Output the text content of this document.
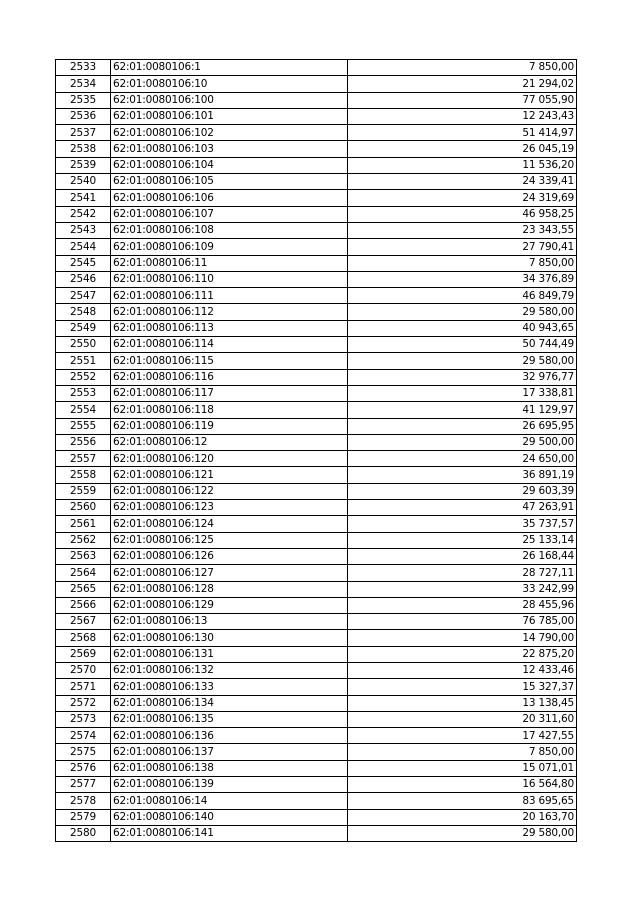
2533	62:01:0080106:1	7 850,00
2534	62:01:0080106:10	21 294,02
2535	62:01:0080106:100	77 055,90
2536	62:01:0080106:101	12 243,43
2537	62:01:0080106:102	51 414,97
2538	62:01:0080106:103	26 045,19
2539	62:01:0080106:104	11 536,20
2540	62:01:0080106:105	24 339,41
2541	62:01:0080106:106	24 319,69
2542	62:01:0080106:107	46 958,25
2543	62:01:0080106:108	23 343,55
2544	62:01:0080106:109	27 790,41
2545	62:01:0080106:11	7 850,00
2546	62:01:0080106:110	34 376,89
2547	62:01:0080106:111	46 849,79
2548	62:01:0080106:112	29 580,00
2549	62:01:0080106:113	40 943,65
2550	62:01:0080106:114	50 744,49
2551	62:01:0080106:115	29 580,00
2552	62:01:0080106:116	32 976,77
2553	62:01:0080106:117	17 338,81
2554	62:01:0080106:118	41 129,97
2555	62:01:0080106:119	26 695,95
2556	62:01:0080106:12	29 500,00
2557	62:01:0080106:120	24 650,00
2558	62:01:0080106:121	36 891,19
2559	62:01:0080106:122	29 603,39
2560	62:01:0080106:123	47 263,91
2561	62:01:0080106:124	35 737,57
2562	62:01:0080106:125	25 133,14
2563	62:01:0080106:126	26 168,44
2564	62:01:0080106:127	28 727,11
2565	62:01:0080106:128	33 242,99
2566	62:01:0080106:129	28 455,96
2567	62:01:0080106:13	76 785,00
2568	62:01:0080106:130	14 790,00
2569	62:01:0080106:131	22 875,20
2570	62:01:0080106:132	12 433,46
2571	62:01:0080106:133	15 327,37
2572	62:01:0080106:134	13 138,45
2573	62:01:0080106:135	20 311,60
2574	62:01:0080106:136	17 427,55
2575	62:01:0080106:137	7 850,00
2576	62:01:0080106:138	15 071,01
2577	62:01:0080106:139	16 564,80
2578	62:01:0080106:14	83 695,65
2579	62:01:0080106:140	20 163,70
2580	62:01:0080106:141	29 580,00
